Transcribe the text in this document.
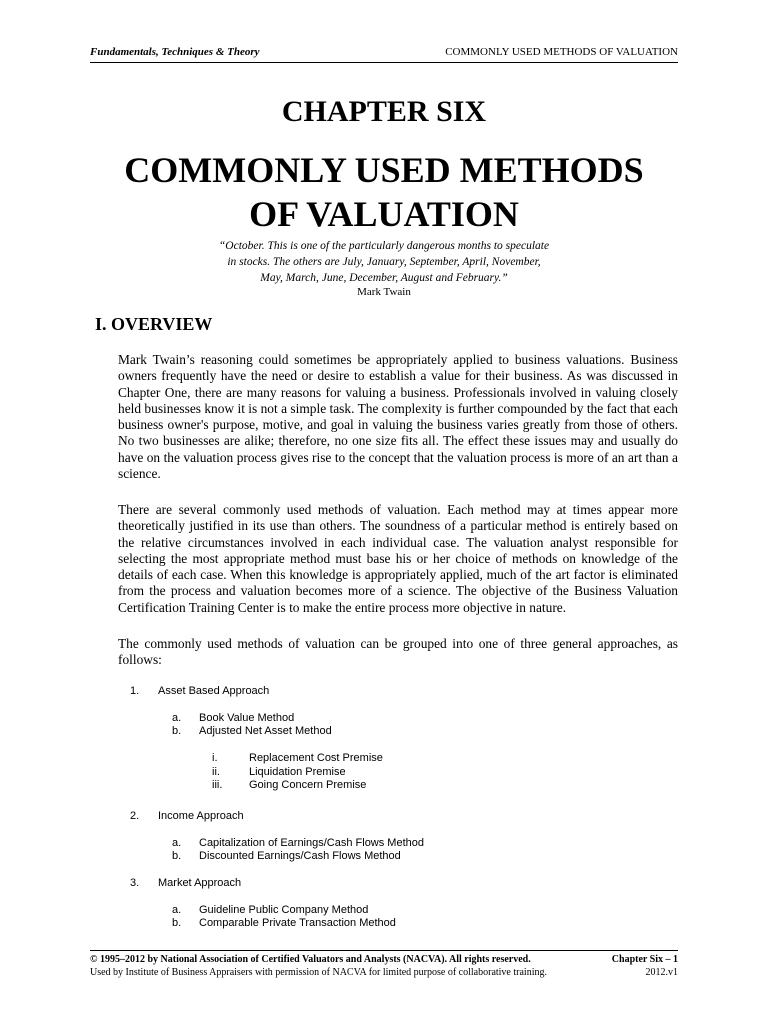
Fundamentals, Techniques & Theory	COMMONLY USED METHODS OF VALUATION
CHAPTER SIX
COMMONLY USED METHODS
OF VALUATION
“October. This is one of the particularly dangerous months to speculate
in stocks. The others are July, January, September, April, November,
May, March, June, December, August and February.”
Mark Twain
I. OVERVIEW
Mark Twain’s reasoning could sometimes be appropriately applied to business valuations. Business owners frequently have the need or desire to establish a value for their business. As was discussed in Chapter One, there are many reasons for valuing a business. Professionals involved in valuing closely held businesses know it is not a simple task. The complexity is further compounded by the fact that each business owner's purpose, motive, and goal in valuing the business varies greatly from those of others. No two businesses are alike; therefore, no one size fits all. The effect these issues may and usually do have on the valuation process gives rise to the concept that the valuation process is more of an art than a science.
There are several commonly used methods of valuation. Each method may at times appear more theoretically justified in its use than others. The soundness of a particular method is entirely based on the relative circumstances involved in each individual case. The valuation analyst responsible for selecting the most appropriate method must base his or her choice of methods on knowledge of the details of each case. When this knowledge is appropriately applied, much of the art factor is eliminated from the process and valuation becomes more of a science. The objective of the Business Valuation Certification Training Center is to make the entire process more objective in nature.
The commonly used methods of valuation can be grouped into one of three general approaches, as follows:
1. Asset Based Approach
a. Book Value Method
b. Adjusted Net Asset Method
i.	Replacement Cost Premise
ii.	Liquidation Premise
iii. Going Concern Premise
2. Income Approach
a. Capitalization of Earnings/Cash Flows Method
b. Discounted Earnings/Cash Flows Method
3. Market Approach
a. Guideline Public Company Method
b. Comparable Private Transaction Method
© 1995–2012 by National Association of Certified Valuators and Analysts (NACVA). All rights reserved.
Used by Institute of Business Appraisers with permission of NACVA for limited purpose of collaborative training.
Chapter Six – 1
2012.v1
